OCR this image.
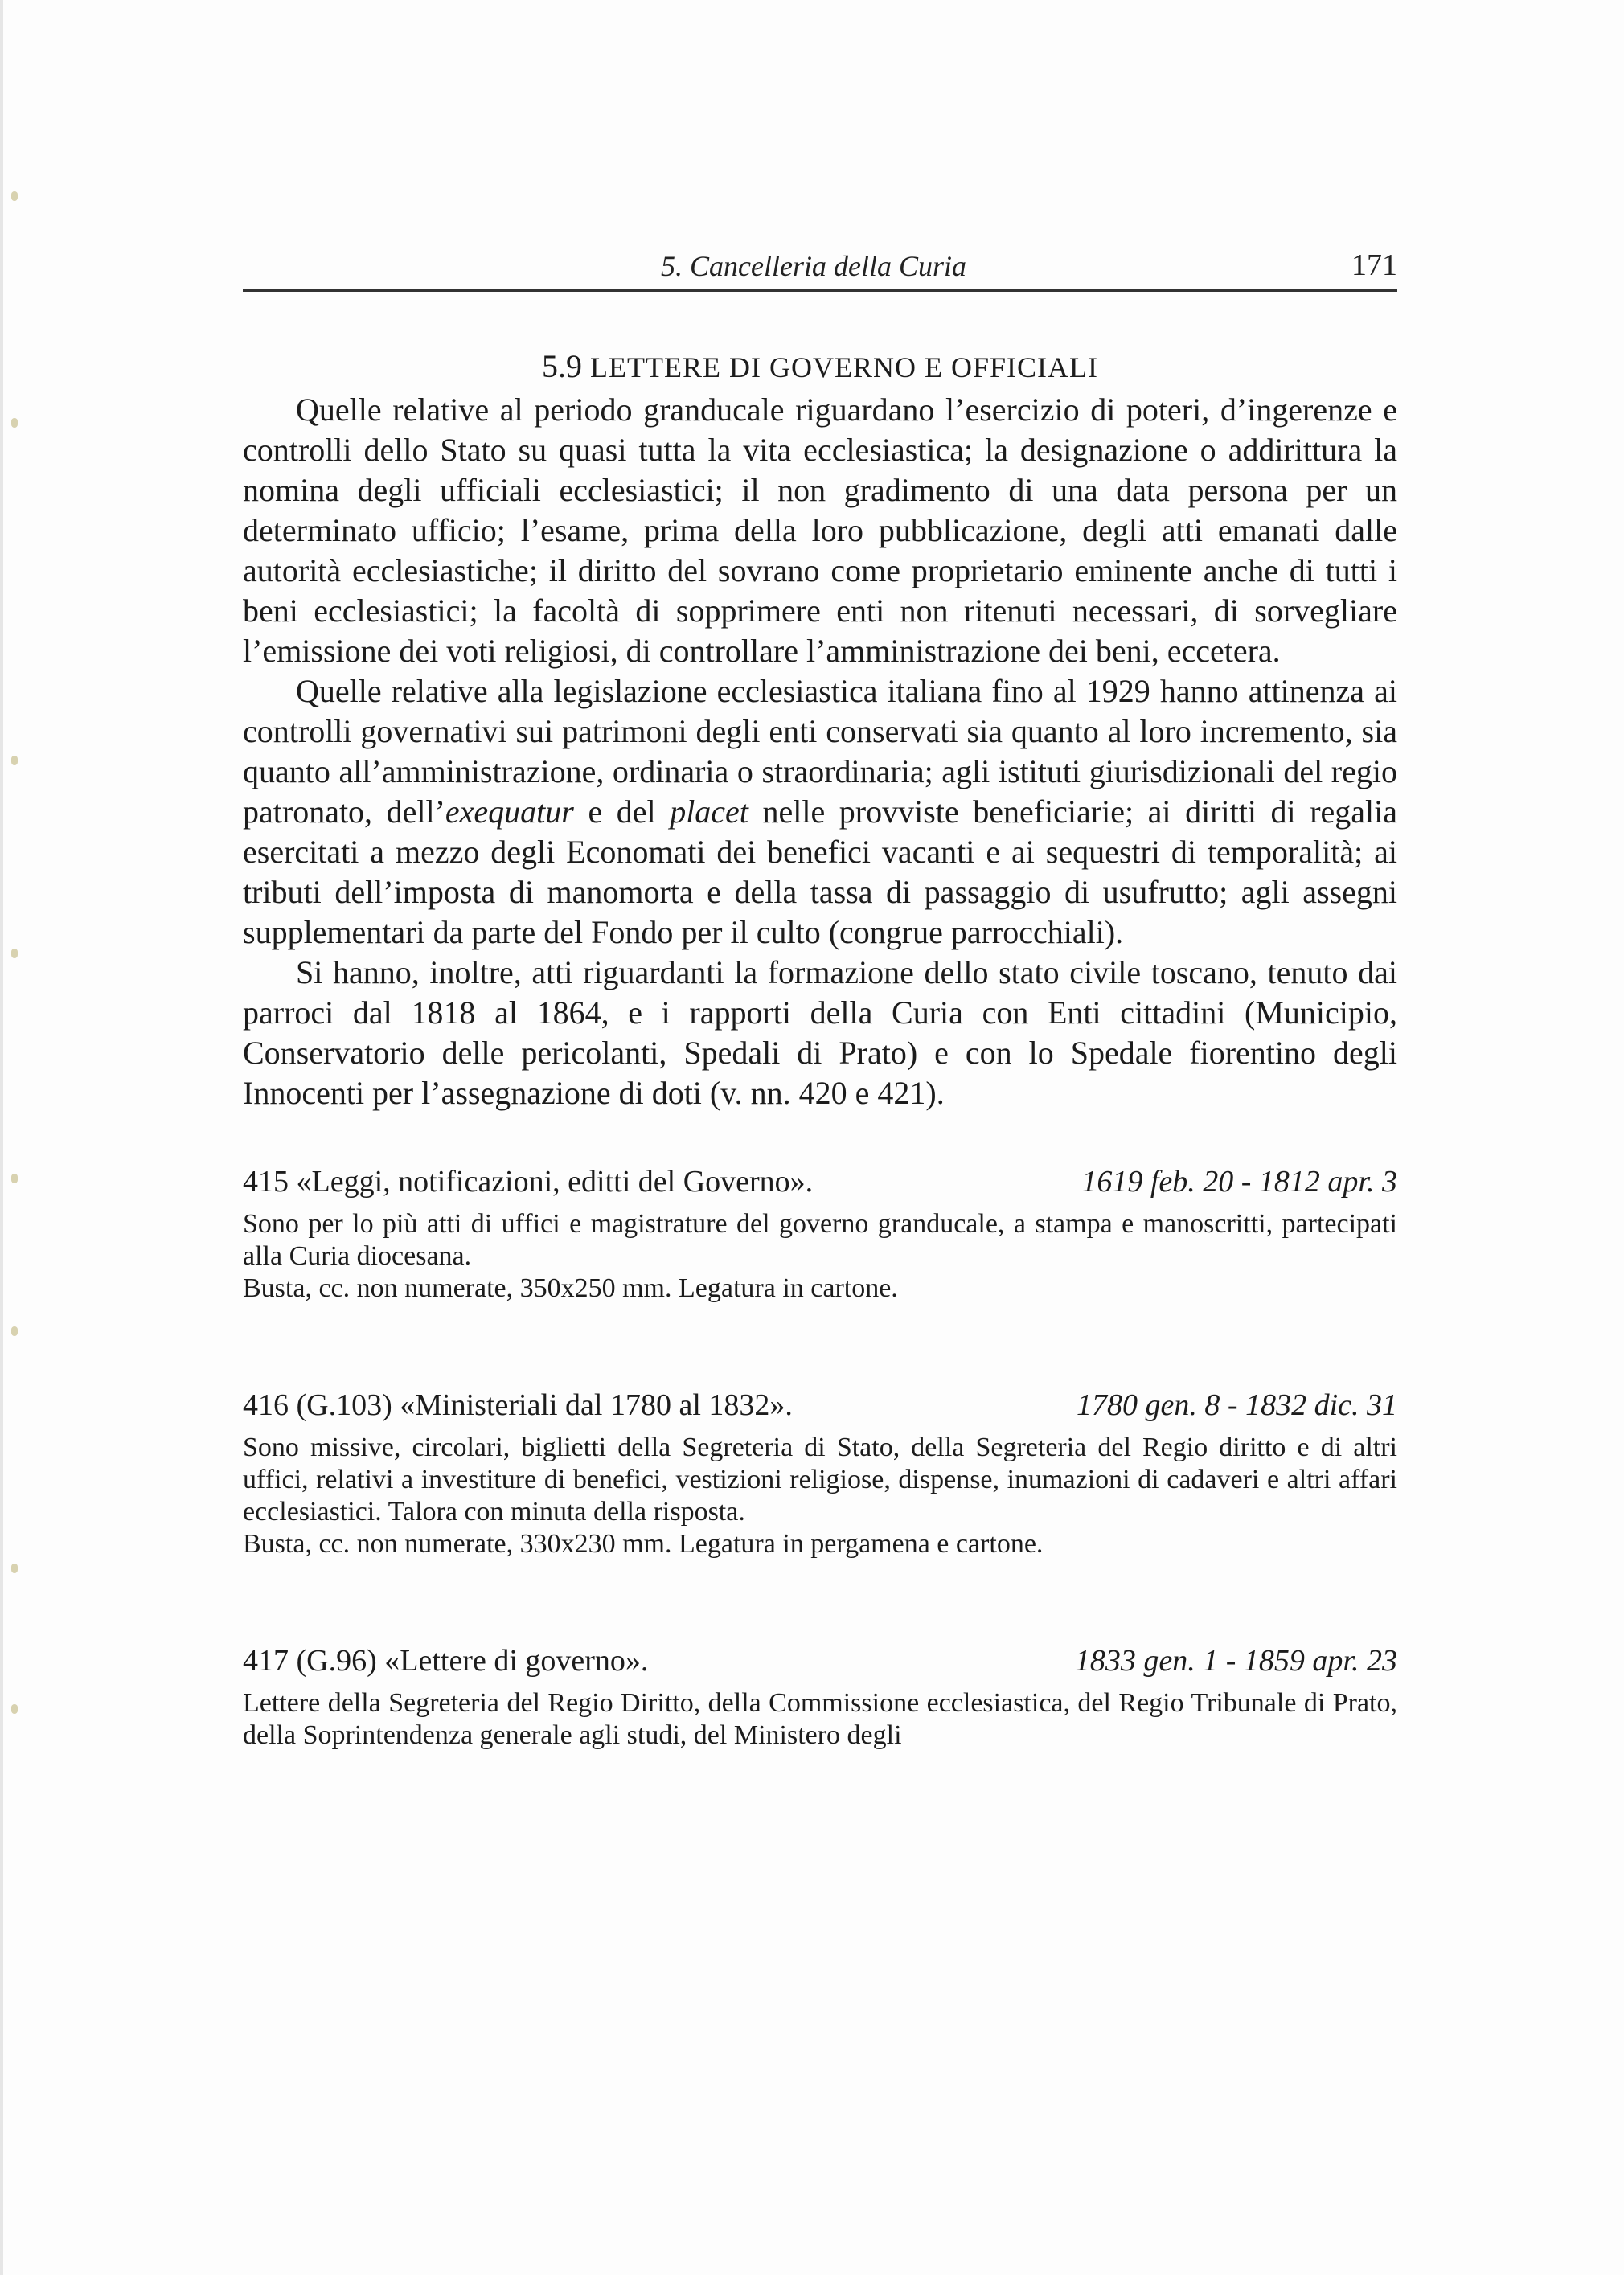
5. Cancelleria della Curia	171

5.9 LETTERE DI GOVERNO E OFFICIALI

Quelle relative al periodo granducale riguardano l’esercizio di poteri, d’ingerenze e controlli dello Stato su quasi tutta la vita ecclesiastica; la designazione o addirittura la nomina degli ufficiali ecclesiastici; il non gradimento di una data persona per un determinato ufficio; l’esame, prima della loro pubblicazione, degli atti emanati dalle autorità ecclesiastiche; il diritto del sovrano come proprietario eminente anche di tutti i beni ecclesiastici; la facoltà di sopprimere enti non ritenuti necessari, di sorvegliare l’emissione dei voti religiosi, di controllare l’amministrazione dei beni, eccetera.

Quelle relative alla legislazione ecclesiastica italiana fino al 1929 hanno attinenza ai controlli governativi sui patrimoni degli enti conservati sia quanto al loro incremento, sia quanto all’amministrazione, ordinaria o straordinaria; agli istituti giurisdizionali del regio patronato, dell’exequatur e del placet nelle provviste beneficiarie; ai diritti di regalia esercitati a mezzo degli Economati dei benefici vacanti e ai sequestri di temporalità; ai tributi dell’imposta di manomorta e della tassa di passaggio di usufrutto; agli assegni supplementari da parte del Fondo per il culto (congrue parrocchiali).

Si hanno, inoltre, atti riguardanti la formazione dello stato civile toscano, tenuto dai parroci dal 1818 al 1864, e i rapporti della Curia con Enti cittadini (Municipio, Conservatorio delle pericolanti, Spedali di Prato) e con lo Spedale fiorentino degli Innocenti per l’assegnazione di doti (v. nn. 420 e 421).

415 «Leggi, notificazioni, editti del Governo».	1619 feb. 20 - 1812 apr. 3

Sono per lo più atti di uffici e magistrature del governo granducale, a stampa e manoscritti, partecipati alla Curia diocesana.

Busta, cc. non numerate, 350x250 mm. Legatura in cartone.

416 (G.103) «Ministeriali dal 1780 al 1832».	1780 gen. 8 - 1832 dic. 31

Sono missive, circolari, biglietti della Segreteria di Stato, della Segreteria del Regio diritto e di altri uffici, relativi a investiture di benefici, vestizioni religiose, dispense, inumazioni di cadaveri e altri affari ecclesiastici. Talora con minuta della risposta.

Busta, cc. non numerate, 330x230 mm. Legatura in pergamena e cartone.

417 (G.96) «Lettere di governo».	1833 gen. 1 - 1859 apr. 23

Lettere della Segreteria del Regio Diritto, della Commissione ecclesiastica, del Regio Tribunale di Prato, della Soprintendenza generale agli studi, del Ministero degli
